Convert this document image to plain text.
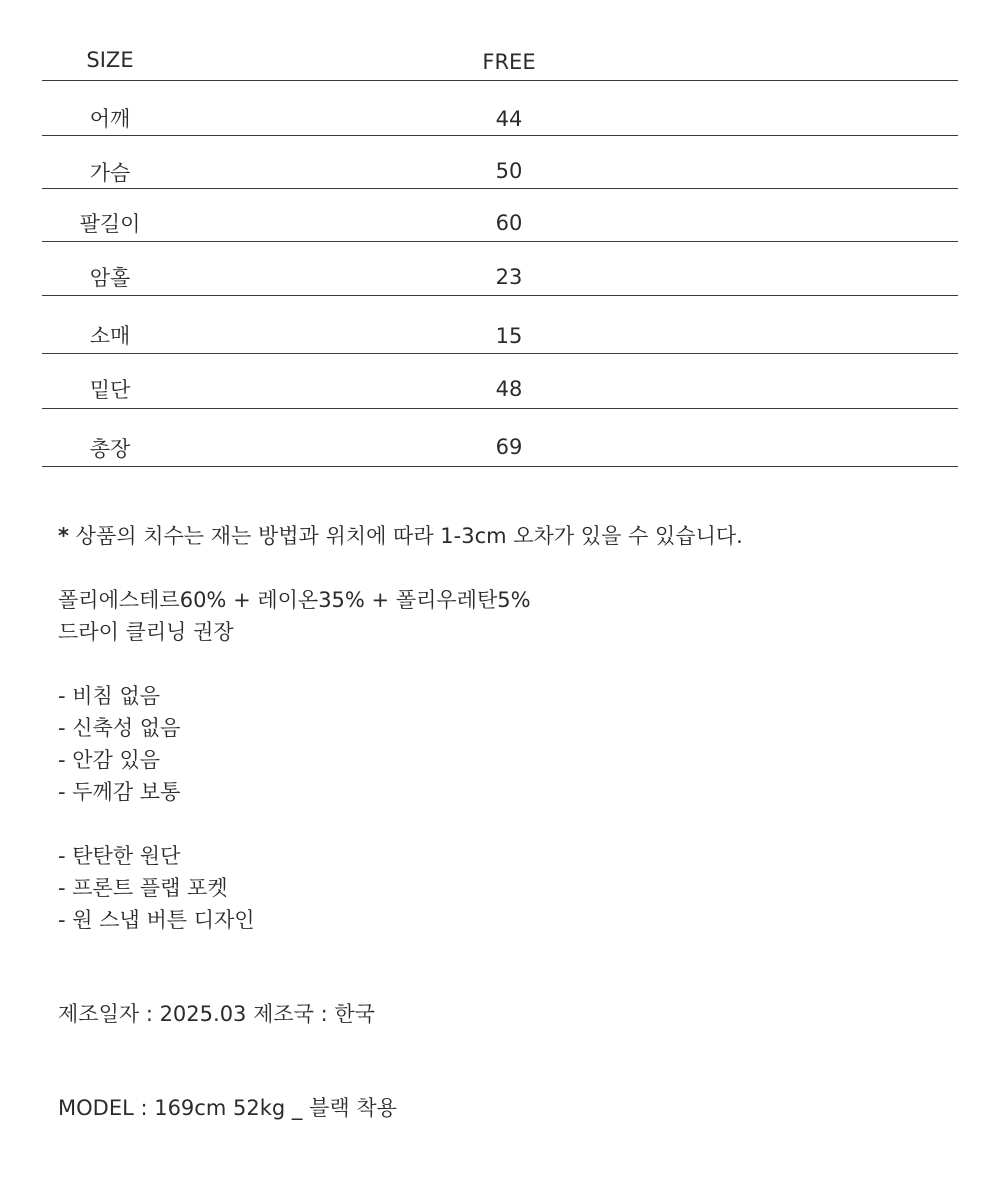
SIZE	FREE
어깨	44
가슴	50
팔길이	60
암홀	23
소매	15
밑단	48
총장	69
* 상품의 치수는 재는 방법과 위치에 따라 1-3cm 오차가 있을 수 있습니다.
폴리에스테르60% + 레이온35% + 폴리우레탄5%
드라이 클리닝 권장
- 비침 없음
- 신축성 없음
- 안감 있음
- 두께감 보통
- 탄탄한 원단
- 프론트 플랩 포켓
- 원 스냅 버튼 디자인
제조일자 : 2025.03 제조국 : 한국
MODEL : 169cm 52kg _ 블랙 착용
